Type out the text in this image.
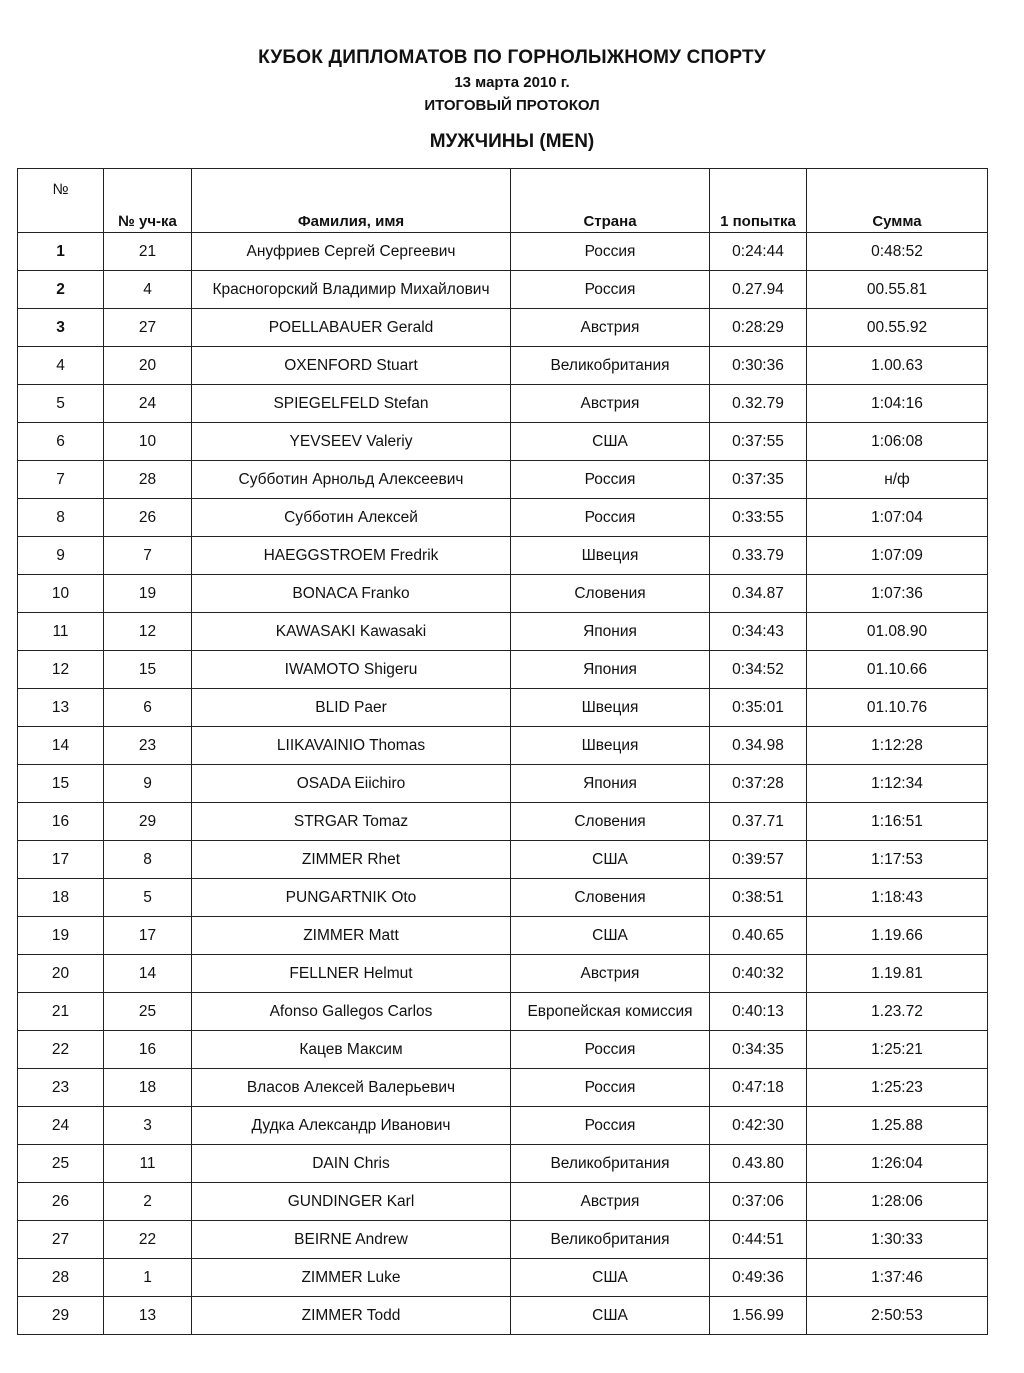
КУБОК ДИПЛОМАТОВ ПО ГОРНОЛЫЖНОМУ СПОРТУ

13 марта 2010 г.

ИТОГОВЫЙ ПРОТОКОЛ

МУЖЧИНЫ (MEN)

№	№ уч-ка	Фамилия, имя	Страна	1 попытка	Сумма
1	21	Ануфриев Сергей Сергеевич	Россия	0:24:44	0:48:52
2	4	Красногорский Владимир Михайлович	Россия	0.27.94	00.55.81
3	27	POELLABAUER Gerald	Австрия	0:28:29	00.55.92
4	20	OXENFORD Stuart	Великобритания	0:30:36	1.00.63
5	24	SPIEGELFELD Stefan	Австрия	0.32.79	1:04:16
6	10	YEVSEEV Valeriy	США	0:37:55	1:06:08
7	28	Субботин Арнольд Алексеевич	Россия	0:37:35	н/ф
8	26	Субботин Алексей	Россия	0:33:55	1:07:04
9	7	HAEGGSTROEM Fredrik	Швеция	0.33.79	1:07:09
10	19	BONACA Franko	Словения	0.34.87	1:07:36
11	12	KAWASAKI Kawasaki	Япония	0:34:43	01.08.90
12	15	IWAMOTO Shigeru	Япония	0:34:52	01.10.66
13	6	BLID Paer	Швеция	0:35:01	01.10.76
14	23	LIIKAVAINIO Thomas	Швеция	0.34.98	1:12:28
15	9	OSADA Eiichiro	Япония	0:37:28	1:12:34
16	29	STRGAR Tomaz	Словения	0.37.71	1:16:51
17	8	ZIMMER Rhet	США	0:39:57	1:17:53
18	5	PUNGARTNIK Oto	Словения	0:38:51	1:18:43
19	17	ZIMMER Matt	США	0.40.65	1.19.66
20	14	FELLNER Helmut	Австрия	0:40:32	1.19.81
21	25	Afonso Gallegos Carlos	Европейская комиссия	0:40:13	1.23.72
22	16	Кацев Максим	Россия	0:34:35	1:25:21
23	18	Власов Алексей Валерьевич	Россия	0:47:18	1:25:23
24	3	Дудка Александр Иванович	Россия	0:42:30	1.25.88
25	11	DAIN Chris	Великобритания	0.43.80	1:26:04
26	2	GUNDINGER Karl	Австрия	0:37:06	1:28:06
27	22	BEIRNE Andrew	Великобритания	0:44:51	1:30:33
28	1	ZIMMER Luke	США	0:49:36	1:37:46
29	13	ZIMMER Todd	США	1.56.99	2:50:53
